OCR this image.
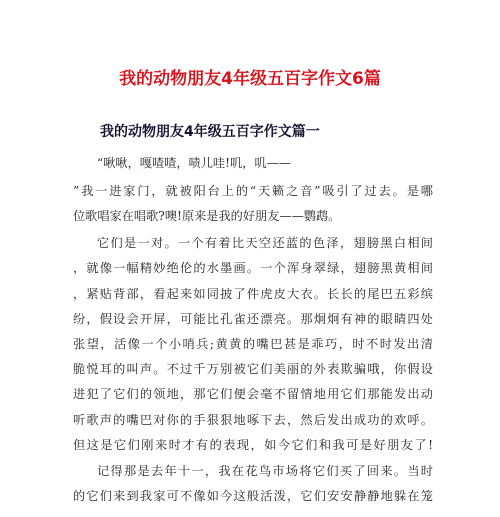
我的动物朋友4年级五百字作文6篇
我的动物朋友4年级五百字作文篇一
“啾啾，嘎喳喳，啧儿哇!叽，叽——
”我一进家门，就被阳台上的“天籁之音”吸引了过去。是哪
位歌唱家在唱歌?噢!原来是我的好朋友——鹦鹉。
它们是一对。一个有着比天空还蓝的色泽，翅膀黑白相间
，就像一幅精妙绝伦的水墨画。一个浑身翠绿，翅膀黑黄相间
，紧贴背部，看起来如同披了件虎皮大衣。长长的尾巴五彩缤
纷，假设会开屏，可能比孔雀还漂亮。那炯炯有神的眼睛四处
张望，活像一个小哨兵;黄黄的嘴巴甚是乖巧，时不时发出清
脆悦耳的叫声。不过千万别被它们美丽的外表欺骗哦，你假设
进犯了它们的领地，那它们便会毫不留情地用它们那能发出动
听歌声的嘴巴对你的手狠狠地啄下去，然后发出成功的欢呼。
但这是它们刚来时才有的表现，如今它们和我可是好朋友了!
记得那是去年十一，我在花鸟市场将它们买了回来。当时
的它们来到我家可不像如今这般活泼，它们安安静静地躲在笼
